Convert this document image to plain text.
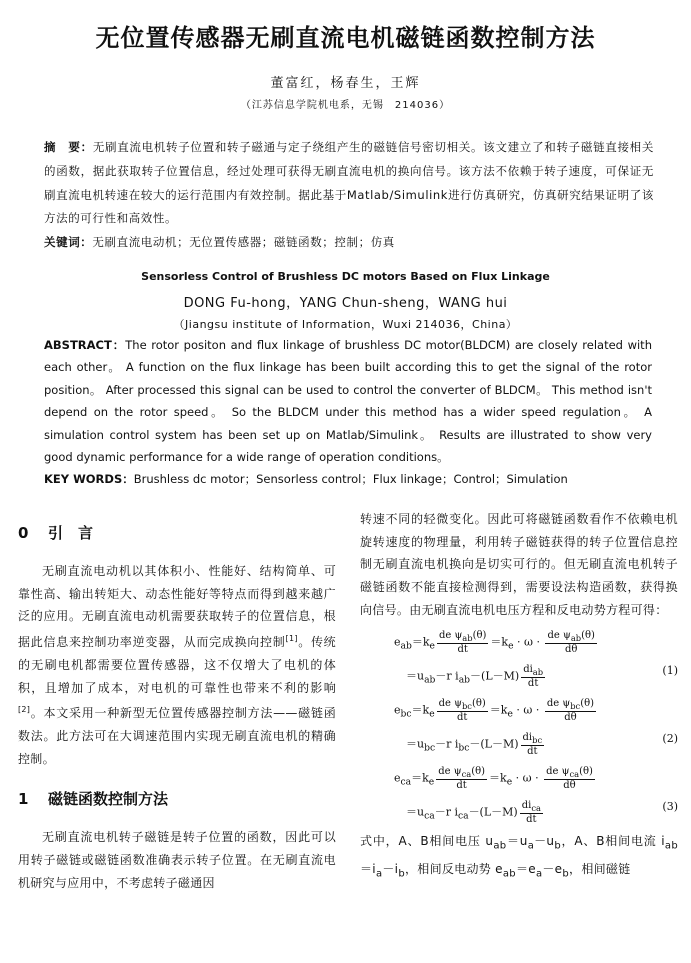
无位置传感器无刷直流电机磁链函数控制方法
董富红，杨春生，王辉
（江苏信息学院机电系，无锡　214036）

摘　要：无刷直流电机转子位置和转子磁通与定子绕组产生的磁链信号密切相关。该文建立了和转子磁链直接相关的函数，据此获取转子位置信息，经过处理可获得无刷直流电机的换向信号。该方法不依赖于转子速度，可保证无刷直流电机转速在较大的运行范围内有效控制。据此基于Matlab/Simulink进行仿真研究，仿真研究结果证明了该方法的可行性和高效性。

关键词：无刷直流电动机；无位置传感器；磁链函数；控制；仿真

Sensorless Control of Brushless DC motors Based on Flux Linkage
DONG Fu-hong，YANG Chun-sheng，WANG hui
（Jiangsu institute of Information，Wuxi 214036，China）

ABSTRACT：The rotor positon and flux linkage of brushless DC motor(BLDCM) are closely related with each other。 A function on the flux linkage has been built according this to get the signal of the rotor position。 After processed this signal can be used to control the converter of BLDCM。 This method isn't depend on the rotor speed。 So the BLDCM under this method has a wider speed regulation。 A simulation control system has been set up on Matlab/Simulink。 Results are illustrated to show very good dynamic performance for a wide range of operation conditions。

KEY WORDS：Brushless dc motor；Sensorless control；Flux linkage；Control；Simulation

0 引　言

无刷直流电动机以其体积小、性能好、结构简单、可靠性高、输出转矩大、动态性能好等特点而得到越来越广泛的应用。无刷直流电动机需要获取转子的位置信息，根据此信息来控制功率逆变器，从而完成换向控制[1]。传统的无刷电机都需要位置传感器，这不仅增大了电机的体积，且增加了成本，对电机的可靠性也带来不利的影响[2]。本文采用一种新型无位置传感器控制方法——磁链函数法。此方法可在大调速范围内实现无刷直流电机的精确控制。

1 磁链函数控制方法

无刷直流电机转子磁链是转子位置的函数，因此可以用转子磁链或磁链函数准确表示转子位置。在无刷直流电机研究与应用中，不考虑转子磁通因

转速不同的轻微变化。因此可将磁链函数看作不依赖电机旋转速度的物理量，利用转子磁链获得的转子位置信息控制无刷直流电机换向是切实可行的。但无刷直流电机转子磁链函数不能直接检测得到，需要设法构造函数，获得换向信号。由无刷直流电机电压方程和反电动势方程可得：

$e_{ab}=k_e \frac{de \psi_{ab}(\theta)}{dt} =k_e \cdot \omega \cdot \frac{de \psi_{ab}(\theta)}{d\theta}$
$=u_{ab}-r$ $i_{ab}-(L-M) \frac{di_{ab}}{dt}$	(1)
$e_{bc}=k_e \frac{de \psi_{bc}(\theta)}{dt} =k_e \cdot \omega \cdot \frac{de \psi_{bc}(\theta)}{d\theta}$
$=u_{bc}-r$ $i_{bc}-(L-M) \frac{di_{bc}}{dt}$	(2)
$e_{ca}=k_e \frac{de \psi_{ca}(\theta)}{dt} =k_e \cdot \omega \cdot \frac{de \psi_{ca}(\theta)}{d\theta}$
$=u_{ca}-r$ $i_{ca}-(L-M) \frac{di_{ca}}{dt}$	(3)

式中，A、B相间电压 $u_{ab}=u_a-u_b$，A、B相间电流 $i_{ab}=i_a-i_b$，相间反电动势 $e_{ab}=e_a-e_b$，相间磁链
